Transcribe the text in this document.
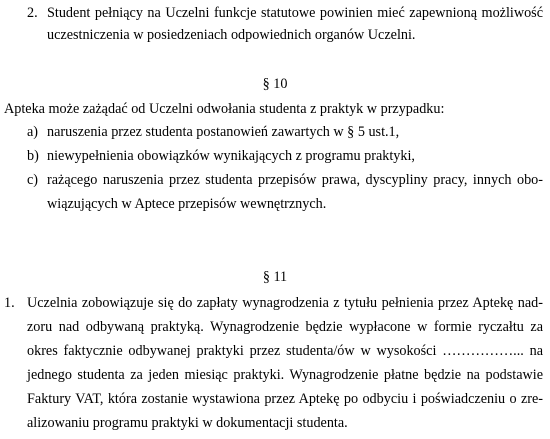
2. Student pełniący na Uczelni funkcje statutowe powinien mieć zapewnioną możliwość
uczestniczenia w posiedzeniach odpowiednich organów Uczelni.
§ 10
Apteka może zażądać od Uczelni odwołania studenta z praktyk w przypadku:
a) naruszenia przez studenta postanowień zawartych w § 5 ust.1,
b) niewypełnienia obowiązków wynikających z programu praktyki,
c) rażącego naruszenia przez studenta przepisów prawa, dyscypliny pracy, innych obo-
wiązujących w Aptece przepisów wewnętrznych.
§ 11
1. Uczelnia zobowiązuje się do zapłaty wynagrodzenia z tytułu pełnienia przez Aptekę nad-
zoru nad odbywaną praktyką. Wynagrodzenie będzie wypłacone w formie ryczałtu za
okres faktycznie odbywanej praktyki przez studenta/ów w wysokości ……………... na
jednego studenta za jeden miesiąc praktyki. Wynagrodzenie płatne będzie na podstawie
Faktury VAT, która zostanie wystawiona przez Aptekę po odbyciu i poświadczeniu o zre-
alizowaniu programu praktyki w dokumentacji studenta.
